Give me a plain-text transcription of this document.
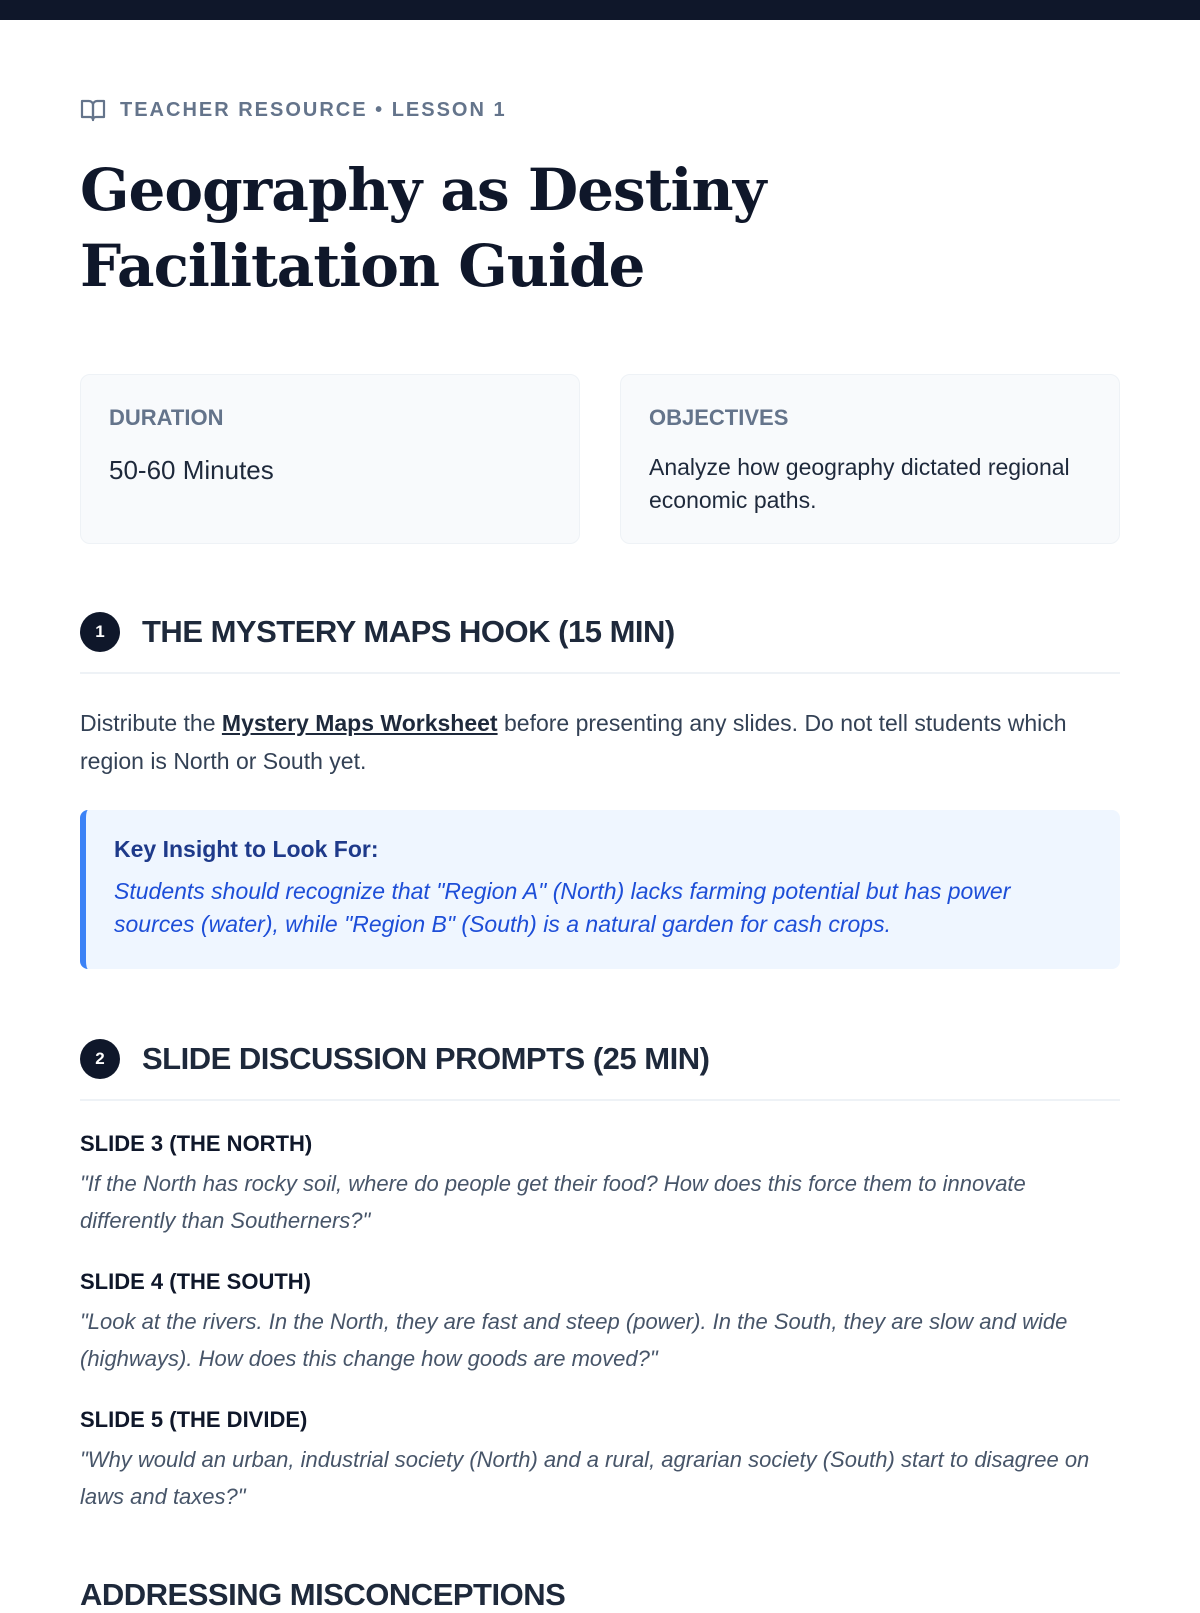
TEACHER RESOURCE • LESSON 1
Geography as Destiny Facilitation Guide
DURATION
50-60 Minutes
OBJECTIVES
Analyze how geography dictated regional economic paths.
1	THE MYSTERY MAPS HOOK (15 MIN)
Distribute the Mystery Maps Worksheet before presenting any slides. Do not tell students which region is North or South yet.
Key Insight to Look For:
Students should recognize that "Region A" (North) lacks farming potential but has power sources (water), while "Region B" (South) is a natural garden for cash crops.
2	SLIDE DISCUSSION PROMPTS (25 MIN)
SLIDE 3 (THE NORTH)
"If the North has rocky soil, where do people get their food? How does this force them to innovate differently than Southerners?"
SLIDE 4 (THE SOUTH)
"Look at the rivers. In the North, they are fast and steep (power). In the South, they are slow and wide (highways). How does this change how goods are moved?"
SLIDE 5 (THE DIVIDE)
"Why would an urban, industrial society (North) and a rural, agrarian society (South) start to disagree on laws and taxes?"
ADDRESSING MISCONCEPTIONS
